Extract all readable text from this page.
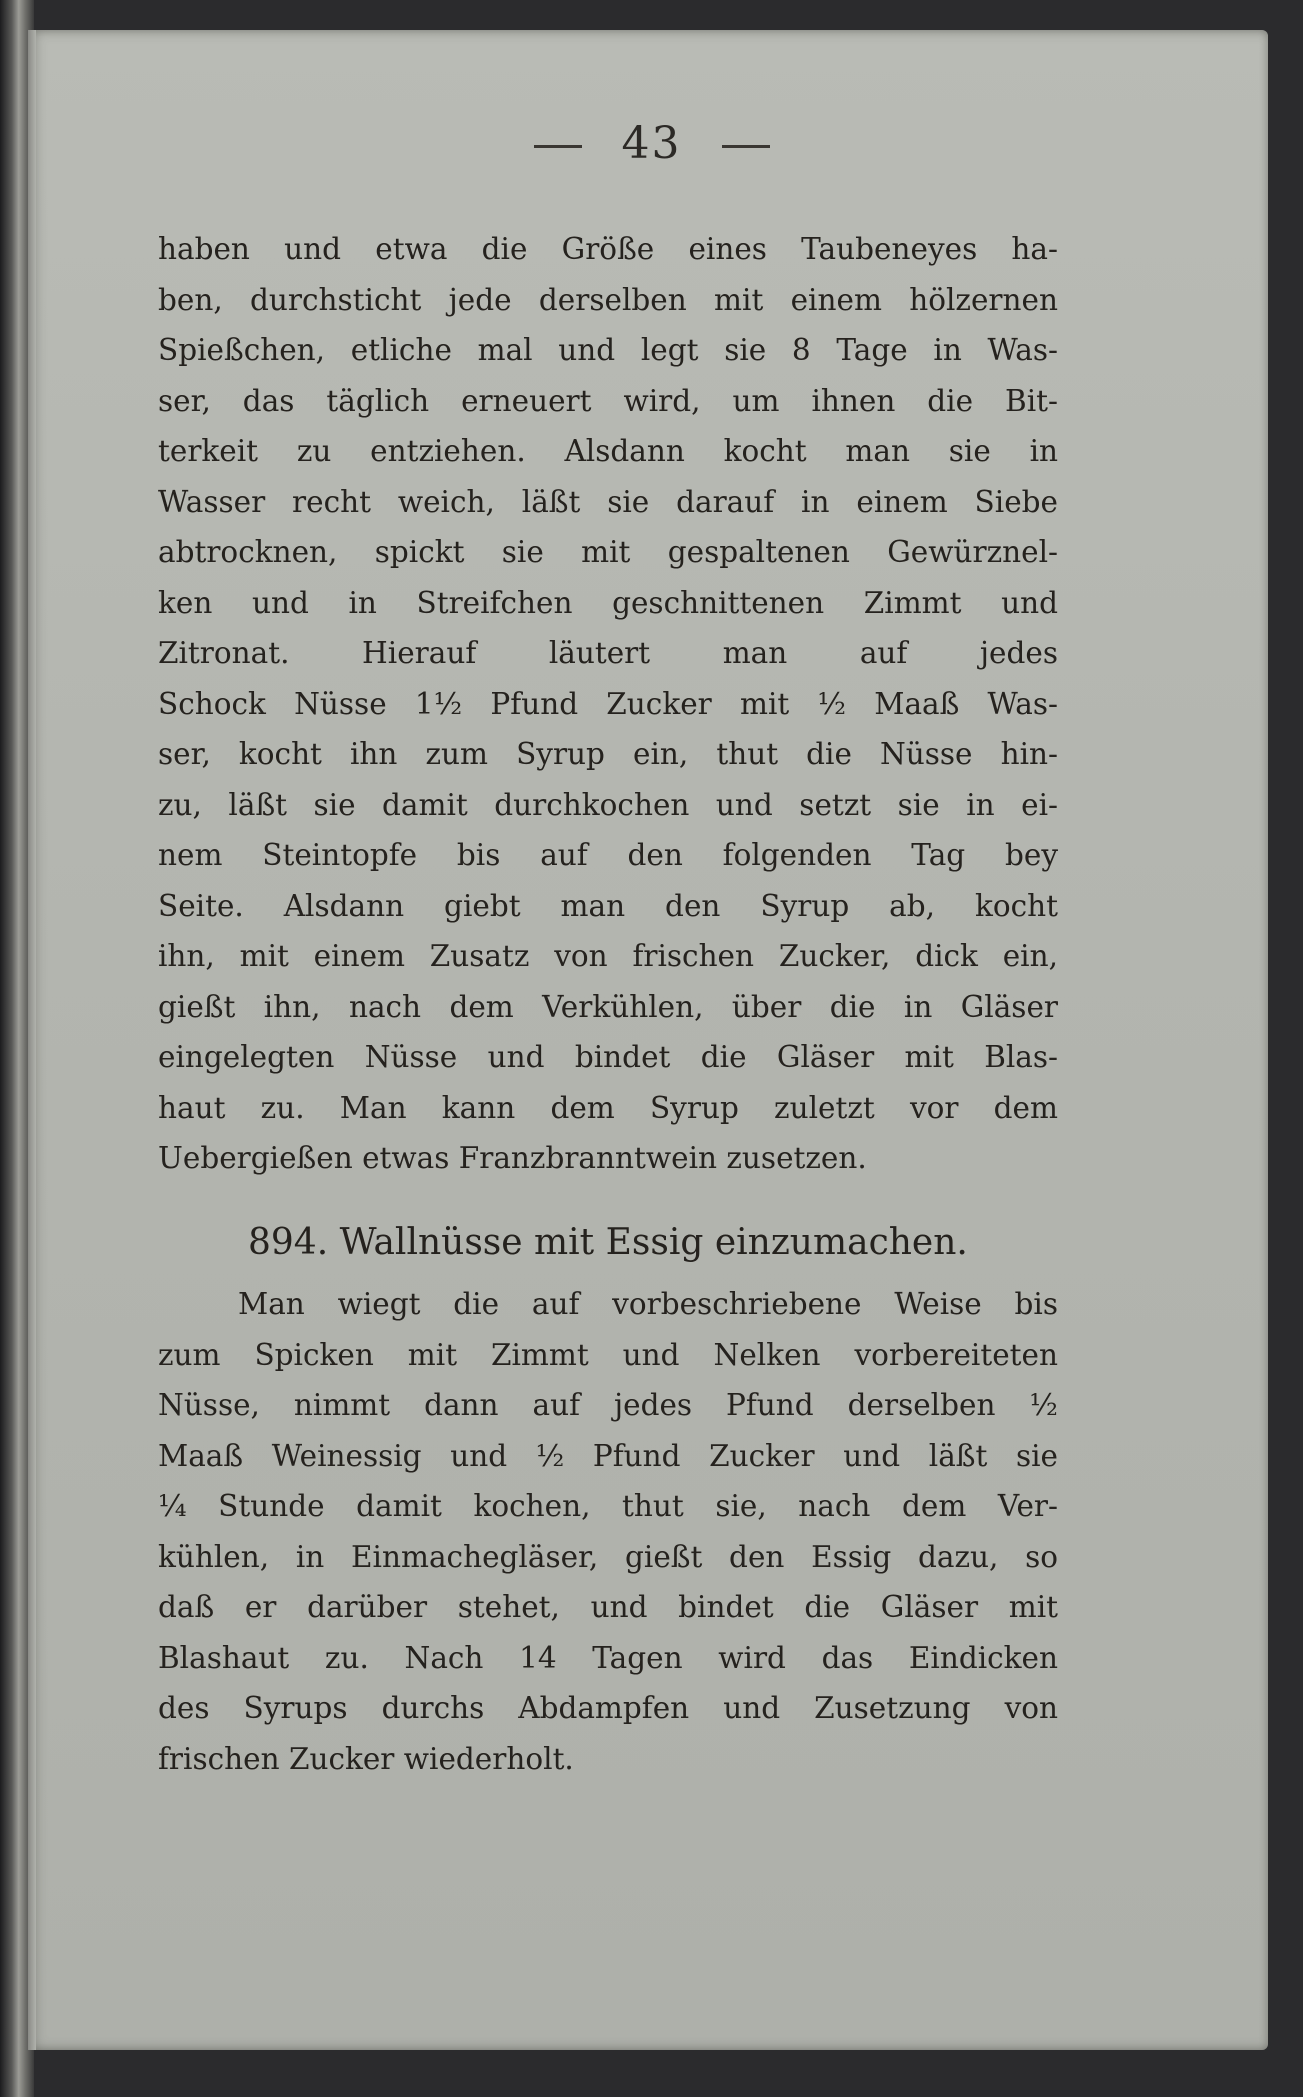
43
haben und etwa die Größe eines Taubeneyes ha-
ben, durchsticht jede derselben mit einem hölzernen
Spießchen, etliche mal und legt sie 8 Tage in Was-
ser, das täglich erneuert wird, um ihnen die Bit-
terkeit zu entziehen. Alsdann kocht man sie in
Wasser recht weich, läßt sie darauf in einem Siebe
abtrocknen, spickt sie mit gespaltenen Gewürznel-
ken und in Streifchen geschnittenen Zimmt und
Zitronat. Hierauf läutert man auf jedes
Schock Nüsse 1½ Pfund Zucker mit ½ Maaß Was-
ser, kocht ihn zum Syrup ein, thut die Nüsse hin-
zu, läßt sie damit durchkochen und setzt sie in ei-
nem Steintopfe bis auf den folgenden Tag bey
Seite. Alsdann giebt man den Syrup ab, kocht
ihn, mit einem Zusatz von frischen Zucker, dick ein,
gießt ihn, nach dem Verkühlen, über die in Gläser
eingelegten Nüsse und bindet die Gläser mit Blas-
haut zu. Man kann dem Syrup zuletzt vor dem
Uebergießen etwas Franzbranntwein zusetzen.
894. Wallnüsse mit Essig einzumachen.
Man wiegt die auf vorbeschriebene Weise bis
zum Spicken mit Zimmt und Nelken vorbereiteten
Nüsse, nimmt dann auf jedes Pfund derselben ½
Maaß Weinessig und ½ Pfund Zucker und läßt sie
¼ Stunde damit kochen, thut sie, nach dem Ver-
kühlen, in Einmachegläser, gießt den Essig dazu, so
daß er darüber stehet, und bindet die Gläser mit
Blashaut zu. Nach 14 Tagen wird das Eindicken
des Syrups durchs Abdampfen und Zusetzung von
frischen Zucker wiederholt.
